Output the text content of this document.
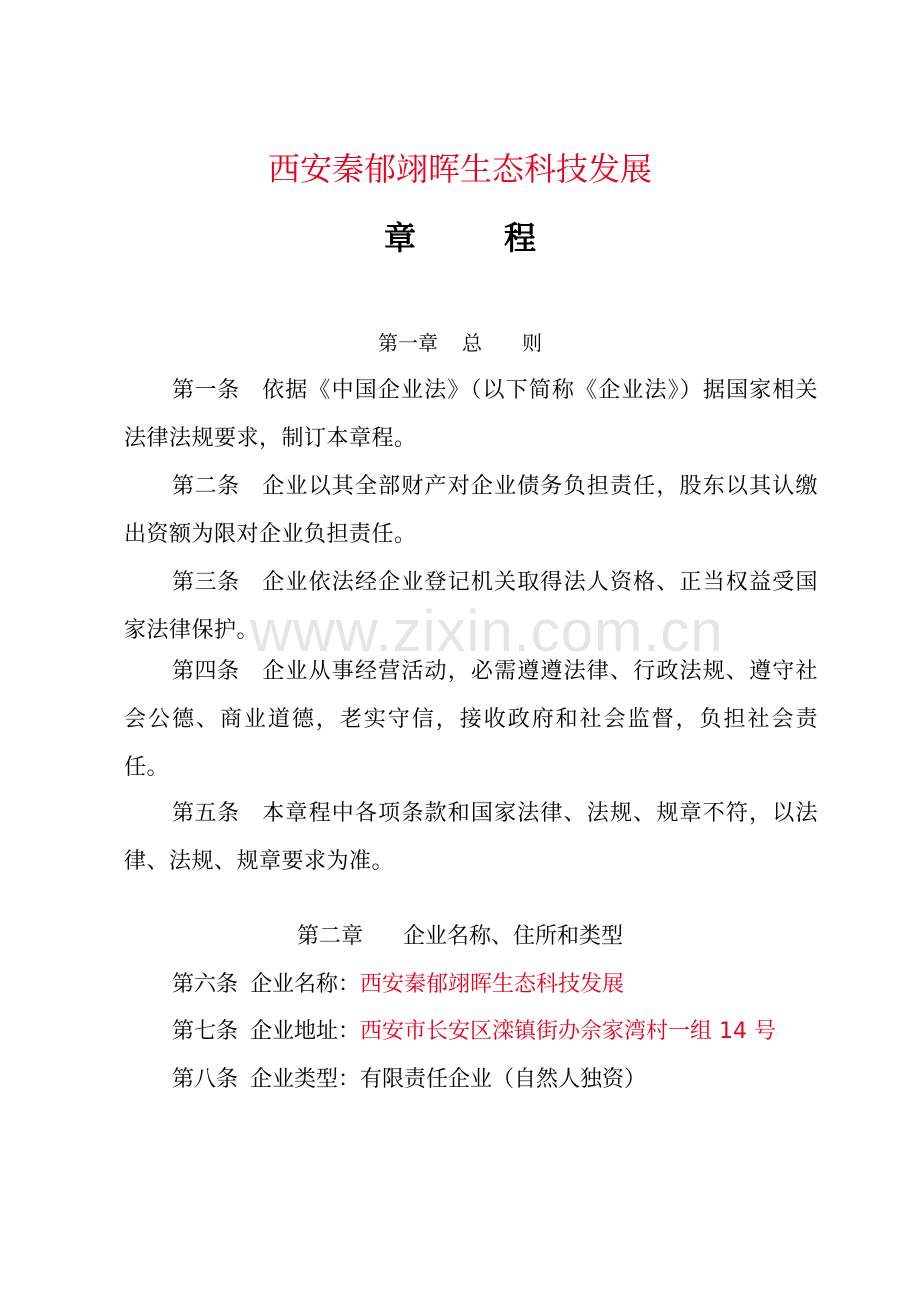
西安秦郁翊晖生态科技发展
章	程
第一章 总 则
第一条 依据《中国企业法》（以下简称《企业法》）据国家相关法律法规要求，制订本章程。
第二条 企业以其全部财产对企业债务负担责任，股东以其认缴出资额为限对企业负担责任。
第三条 企业依法经企业登记机关取得法人资格、正当权益受国家法律保护。
第四条 企业从事经营活动，必需遵遵法律、行政法规、遵守社会公德、商业道德，老实守信，接收政府和社会监督，负担社会责任。
第五条 本章程中各项条款和国家法律、法规、规章不符，以法律、法规、规章要求为准。
第二章 企业名称、住所和类型
第六条 企业名称：西安秦郁翊晖生态科技发展
第七条 企业地址：西安市长安区滦镇街办佘家湾村一组 14 号
第八条 企业类型：有限责任企业（自然人独资）
www.zixin.com.cn
